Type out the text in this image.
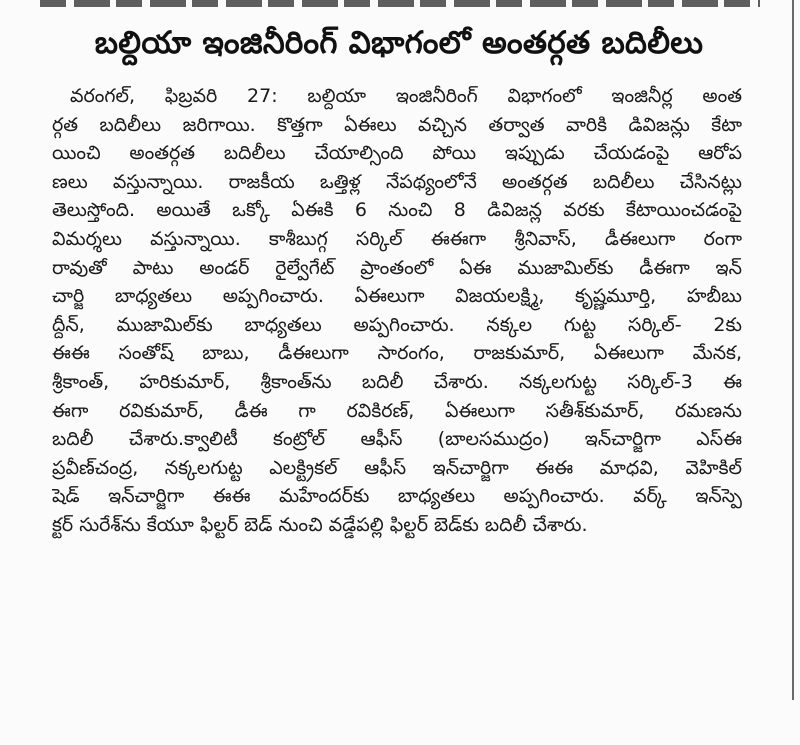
బల్దియా ఇంజినీరింగ్ విభాగంలో అంతర్గత బదిలీలు
వరంగల్, ఫిబ్రవరి 27: బల్దియా ఇంజినీరింగ్ విభాగంలో ఇంజినీర్ల అంత
ర్గత బదిలీలు జరిగాయి. కొత్తగా ఏఈలు వచ్చిన తర్వాత వారికి డివిజన్లు కేటా
యించి అంతర్గత బదిలీలు చేయాల్సింది పోయి ఇప్పుడు చేయడంపై ఆరోప
ణలు వస్తున్నాయి. రాజకీయ ఒత్తిళ్ల నేపథ్యంలోనే అంతర్గత బదిలీలు చేసినట్లు
తెలుస్తోంది. అయితే ఒక్కో ఏఈకి 6 నుంచి 8 డివిజన్ల వరకు కేటాయించడంపై
విమర్శలు వస్తున్నాయి. కాశీబుగ్గ సర్కిల్ ఈఈగా శ్రీనివాస్, డీఈలుగా రంగా
రావుతో పాటు అండర్ రైల్వేగేట్ ప్రాంతంలో ఏఈ ముజామిల్‌కు డీఈగా ఇన్
చార్జి బాధ్యతలు అప్పగించారు. ఏఈలుగా విజయలక్ష్మి, కృష్ణమూర్తి, హబీబు
ద్దీన్, ముజామిల్‌కు బాధ్యతలు అప్పగించారు. నక్కల గుట్ట సర్కిల్- 2కు
ఈఈ సంతోష్ బాబు, డీఈలుగా సారంగం, రాజకుమార్, ఏఈలుగా మేనక,
శ్రీకాంత్, హరికుమార్, శ్రీకాంత్‌ను బదిలీ చేశారు. నక్కలగుట్ట సర్కిల్-3 ఈ
ఈగా రవికుమార్, డీఈ గా రవికిరణ్, ఏఈలుగా సతీశ్‌కుమార్, రమణను
బదిలీ చేశారు.క్వాలిటీ కంట్రోల్ ఆఫీస్ (బాలసముద్రం) ఇన్‌చార్జిగా ఎస్ఈ
ప్రవీణ్‌చంద్ర, నక్కలగుట్ట ఎలక్ట్రికల్ ఆఫీస్ ఇన్‌చార్జిగా ఈఈ మాధవి, వెహికిల్
షెడ్ ఇన్‌చార్జిగా ఈఈ మహేందర్‌కు బాధ్యతలు అప్పగించారు. వర్క్ ఇన్‌స్పె
క్టర్ సురేశ్‌ను కేయూ ఫిల్టర్ బెడ్ నుంచి వడ్డేపల్లి ఫిల్టర్ బెడ్‌కు బదిలీ చేశారు.
